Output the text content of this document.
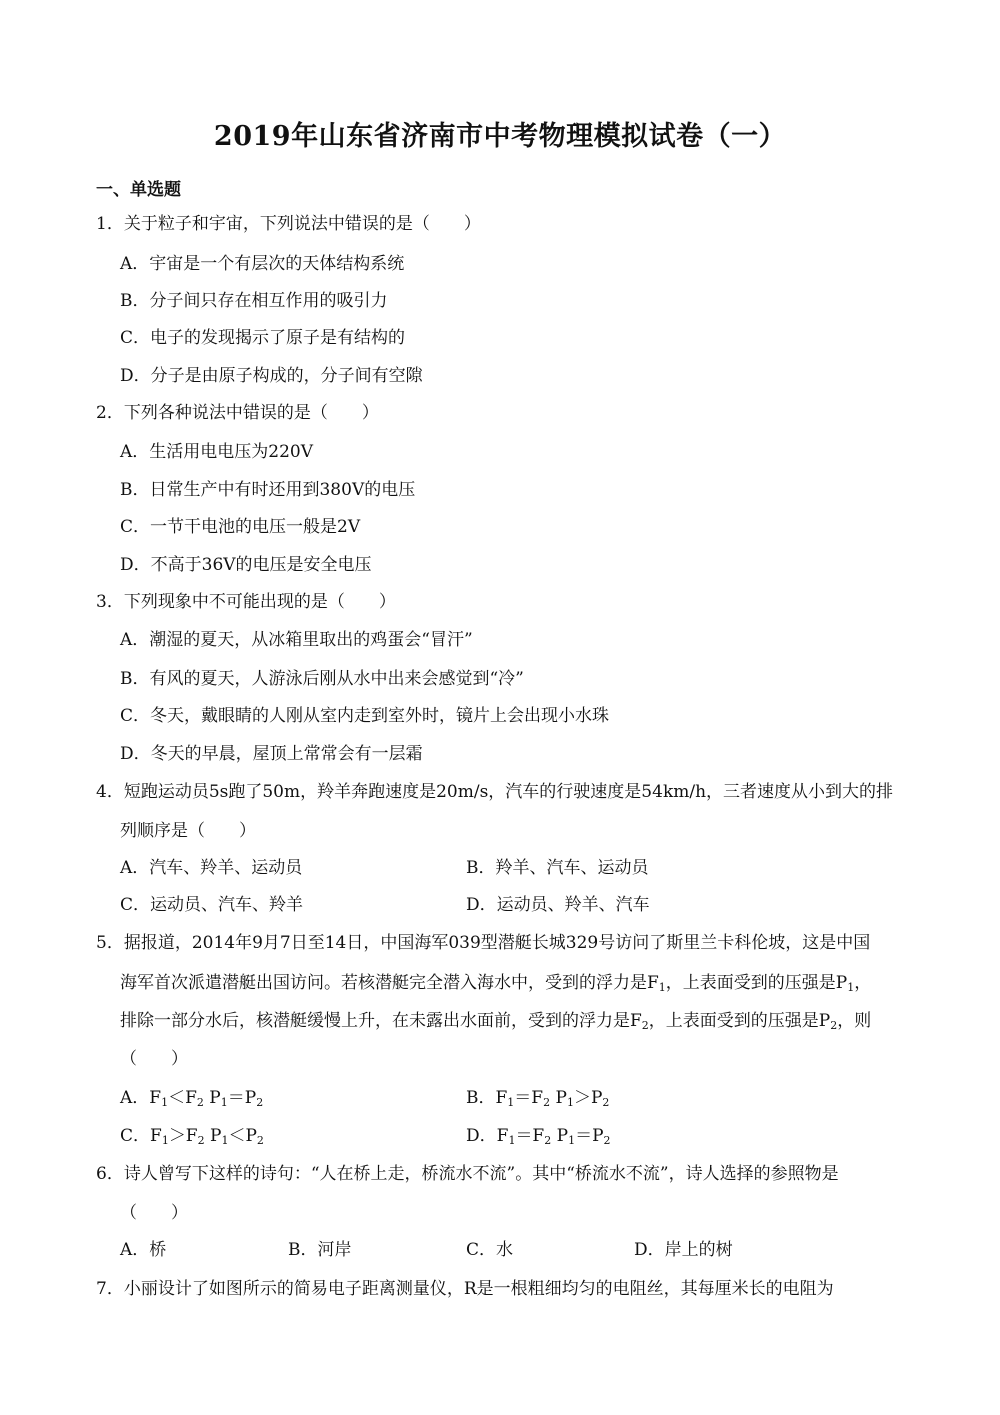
2019年山东省济南市中考物理模拟试卷（一）
一、单选题
1．关于粒子和宇宙，下列说法中错误的是（　　）
A．宇宙是一个有层次的天体结构系统
B．分子间只存在相互作用的吸引力
C．电子的发现揭示了原子是有结构的
D．分子是由原子构成的，分子间有空隙
2．下列各种说法中错误的是（　　）
A．生活用电电压为220V
B．日常生产中有时还用到380V的电压
C．一节干电池的电压一般是2V
D．不高于36V的电压是安全电压
3．下列现象中不可能出现的是（　　）
A．潮湿的夏天，从冰箱里取出的鸡蛋会“冒汗”
B．有风的夏天，人游泳后刚从水中出来会感觉到“冷”
C．冬天，戴眼睛的人刚从室内走到室外时，镜片上会出现小水珠
D．冬天的早晨，屋顶上常常会有一层霜
4．短跑运动员5s跑了50m，羚羊奔跑速度是20m/s，汽车的行驶速度是54km/h，三者速度从小到大的排
列顺序是（　　）
A．汽车、羚羊、运动员	B．羚羊、汽车、运动员
C．运动员、汽车、羚羊	D．运动员、羚羊、汽车
5．据报道，2014年9月7日至14日，中国海军039型潜艇长城329号访问了斯里兰卡科伦坡，这是中国
海军首次派遣潜艇出国访问。若核潜艇完全潜入海水中，受到的浮力是$F_1$，上表面受到的压强是$P_1$，
排除一部分水后，核潜艇缓慢上升，在未露出水面前，受到的浮力是$F_2$，上表面受到的压强是$P_2$，则
（　　）
A．$F_1<F_2$ $P_1=P_2$	B．$F_1=F_2$ $P_1>P_2$
C．$F_1>F_2$ $P_1<P_2$	D．$F_1=F_2$ $P_1=P_2$
6．诗人曾写下这样的诗句：“人在桥上走，桥流水不流”。其中“桥流水不流”，诗人选择的参照物是
（　　）
A．桥	B．河岸	C．水	D．岸上的树
7．小丽设计了如图所示的简易电子距离测量仪，R是一根粗细均匀的电阻丝，其每厘米长的电阻为
